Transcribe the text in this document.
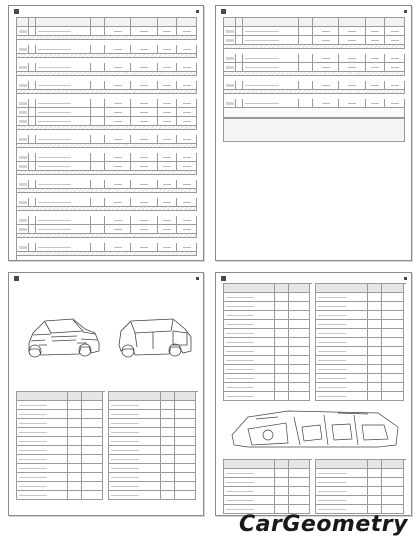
CarGeometry
